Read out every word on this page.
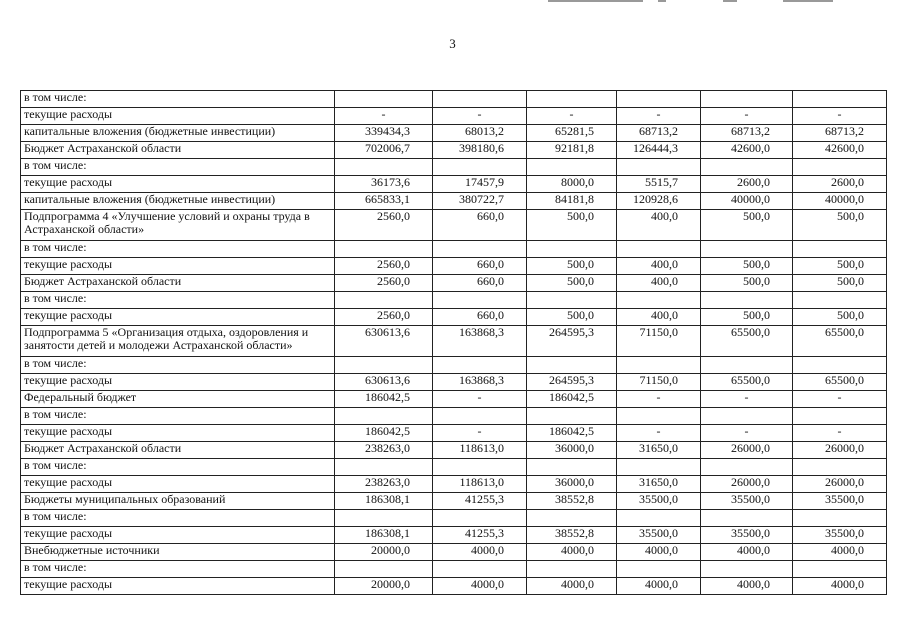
3
в том числе:						
текущие расходы	-	-	-	-	-	-
капитальные вложения (бюджетные инвестиции)	339434,3	68013,2	65281,5	68713,2	68713,2	68713,2
Бюджет Астраханской области	702006,7	398180,6	92181,8	126444,3	42600,0	42600,0
в том числе:						
текущие расходы	36173,6	17457,9	8000,0	5515,7	2600,0	2600,0
капитальные вложения (бюджетные инвестиции)	665833,1	380722,7	84181,8	120928,6	40000,0	40000,0
Подпрограмма 4 «Улучшение условий и охраны труда в Астраханской области»	2560,0	660,0	500,0	400,0	500,0	500,0
в том числе:						
текущие расходы	2560,0	660,0	500,0	400,0	500,0	500,0
Бюджет Астраханской области	2560,0	660,0	500,0	400,0	500,0	500,0
в том числе:						
текущие расходы	2560,0	660,0	500,0	400,0	500,0	500,0
Подпрограмма 5 «Организация отдыха, оздоровления и занятости детей и молодежи Астраханской области»	630613,6	163868,3	264595,3	71150,0	65500,0	65500,0
в том числе:						
текущие расходы	630613,6	163868,3	264595,3	71150,0	65500,0	65500,0
Федеральный бюджет	186042,5	-	186042,5	-	-	-
в том числе:						
текущие расходы	186042,5	-	186042,5	-	-	-
Бюджет Астраханской области	238263,0	118613,0	36000,0	31650,0	26000,0	26000,0
в том числе:						
текущие расходы	238263,0	118613,0	36000,0	31650,0	26000,0	26000,0
Бюджеты муниципальных образований	186308,1	41255,3	38552,8	35500,0	35500,0	35500,0
в том числе:						
текущие расходы	186308,1	41255,3	38552,8	35500,0	35500,0	35500,0
Внебюджетные источники	20000,0	4000,0	4000,0	4000,0	4000,0	4000,0
в том числе:						
текущие расходы	20000,0	4000,0	4000,0	4000,0	4000,0	4000,0
